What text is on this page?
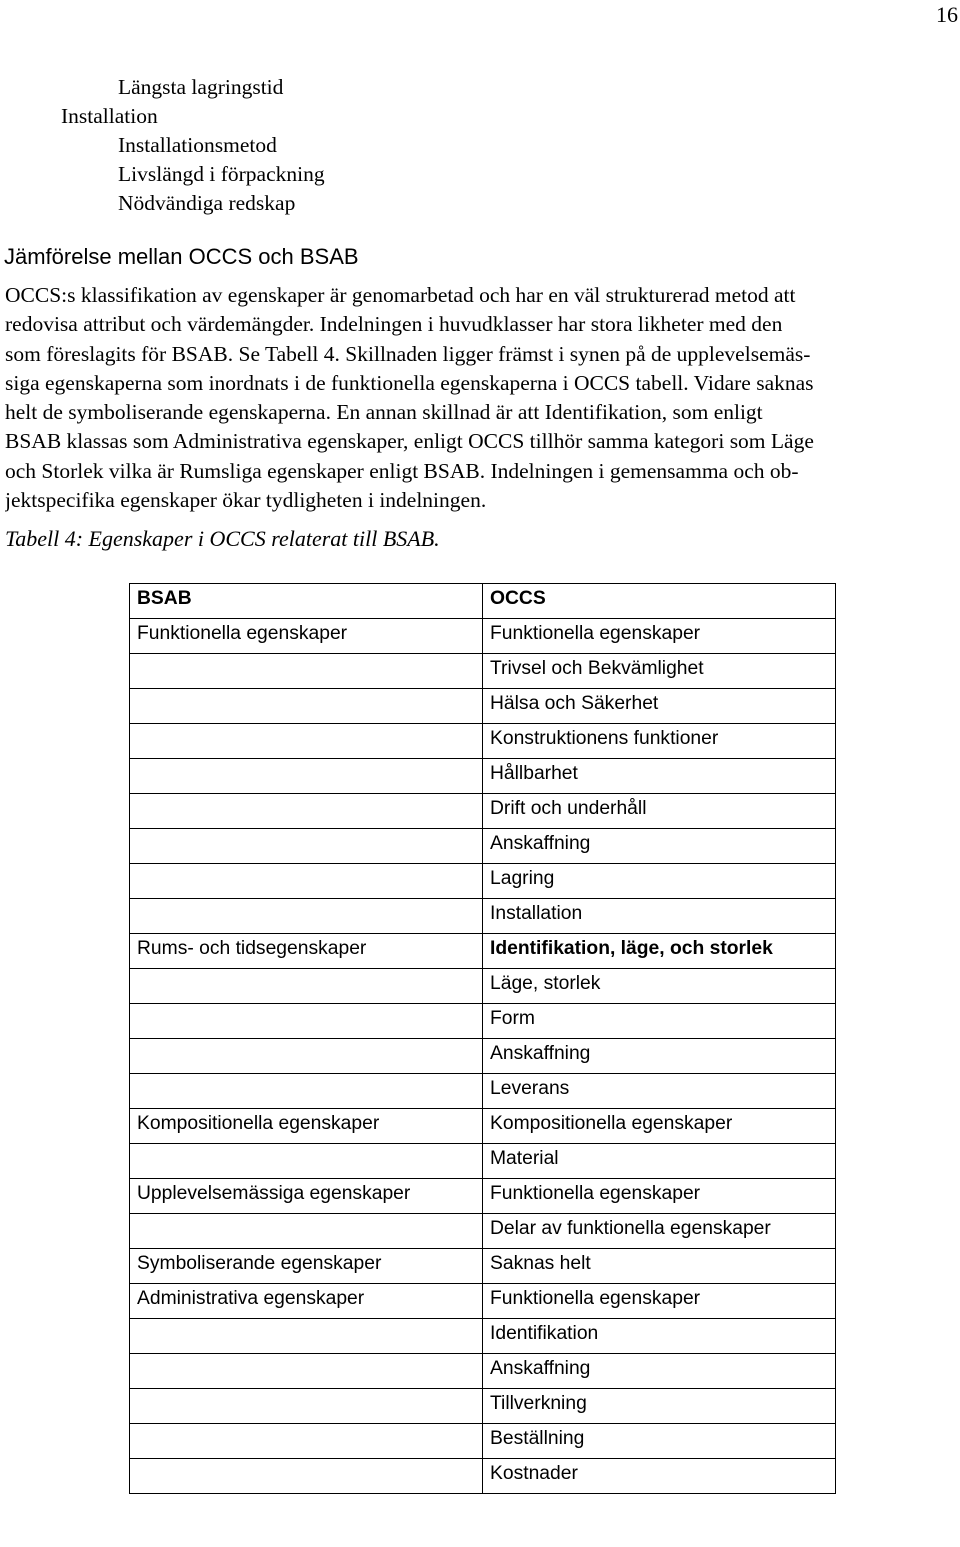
16
Längsta lagringstid
Installation
Installationsmetod
Livslängd i förpackning
Nödvändiga redskap
Jämförelse mellan OCCS och BSAB
OCCS:s klassifikation av egenskaper är genomarbetad och har en väl strukturerad metod att
redovisa attribut och värdemängder. Indelningen i huvudklasser har stora likheter med den
som föreslagits för BSAB. Se Tabell 4. Skillnaden ligger främst i synen på de upplevelsemäs-
siga egenskaperna som inordnats i de funktionella egenskaperna i OCCS tabell. Vidare saknas
helt de symboliserande egenskaperna. En annan skillnad är att Identifikation, som enligt
BSAB klassas som Administrativa egenskaper, enligt OCCS tillhör samma kategori som Läge
och Storlek vilka är Rumsliga egenskaper enligt BSAB. Indelningen i gemensamma och ob-
jektspecifika egenskaper ökar tydligheten i indelningen.
Tabell 4: Egenskaper i OCCS relaterat till BSAB.
BSAB	OCCS
Funktionella egenskaper	Funktionella egenskaper
	Trivsel och Bekvämlighet
	Hälsa och Säkerhet
	Konstruktionens funktioner
	Hållbarhet
	Drift och underhåll
	Anskaffning
	Lagring
	Installation
Rums- och tidsegenskaper	Identifikation, läge, och storlek
	Läge, storlek
	Form
	Anskaffning
	Leverans
Kompositionella egenskaper	Kompositionella egenskaper
	Material
Upplevelsemässiga egenskaper	Funktionella egenskaper
	Delar av funktionella egenskaper
Symboliserande egenskaper	Saknas helt
Administrativa egenskaper	Funktionella egenskaper
	Identifikation
	Anskaffning
	Tillverkning
	Beställning
	Kostnader
